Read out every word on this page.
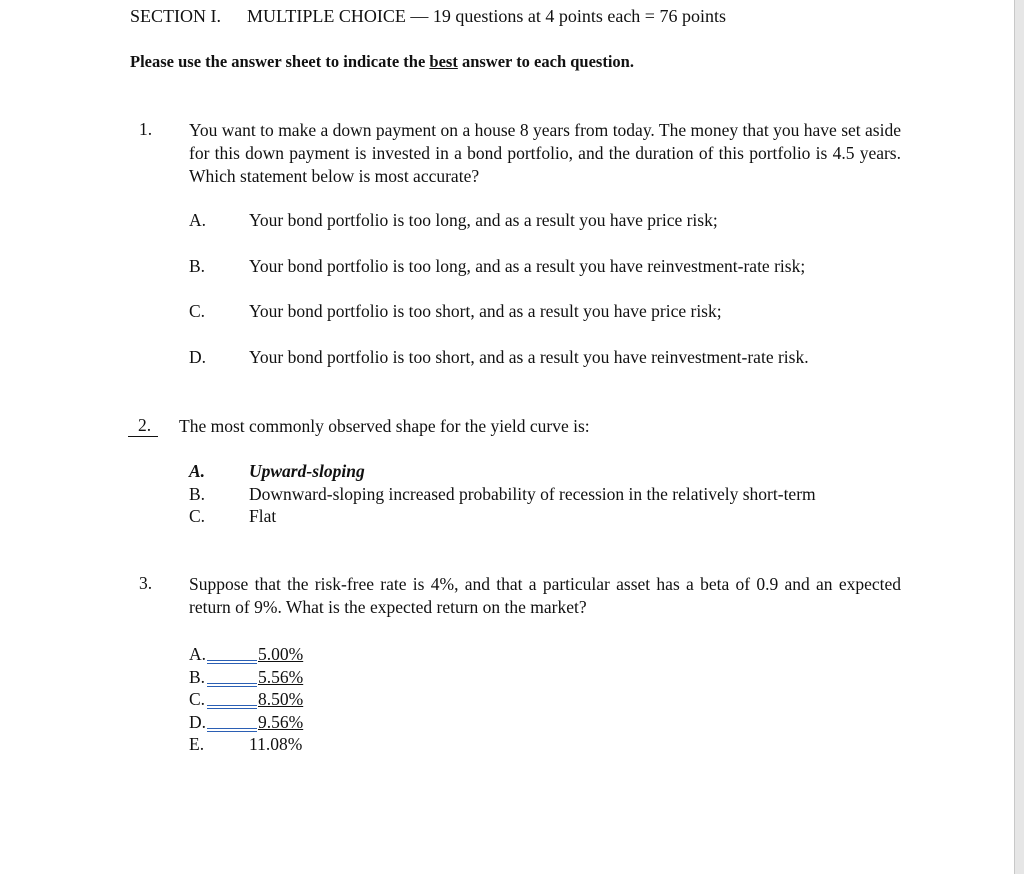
SECTION I. MULTIPLE CHOICE — 19 questions at 4 points each = 76 points
Please use the answer sheet to indicate the best answer to each question.
1. You want to make a down payment on a house 8 years from today. The money that you have set aside for this down payment is invested in a bond portfolio, and the duration of this portfolio is 4.5 years. Which statement below is most accurate?
A. Your bond portfolio is too long, and as a result you have price risk;
B.	Your bond portfolio is too long, and as a result you have reinvestment-rate risk;
C.	Your bond portfolio is too short, and as a result you have price risk;
D. Your bond portfolio is too short, and as a result you have reinvestment-rate risk.
2. The most commonly observed shape for the yield curve is:
A.	Upward-sloping
B.	Downward-sloping increased probability of recession in the relatively short-term
C.	Flat
3. Suppose that the risk-free rate is 4%, and that a particular asset has a beta of 0.9 and an expected return of 9%. What is the expected return on the market?
A.	5.00%
B.	5.56%
C.	8.50%
D.	9.56%
E.	11.08%
